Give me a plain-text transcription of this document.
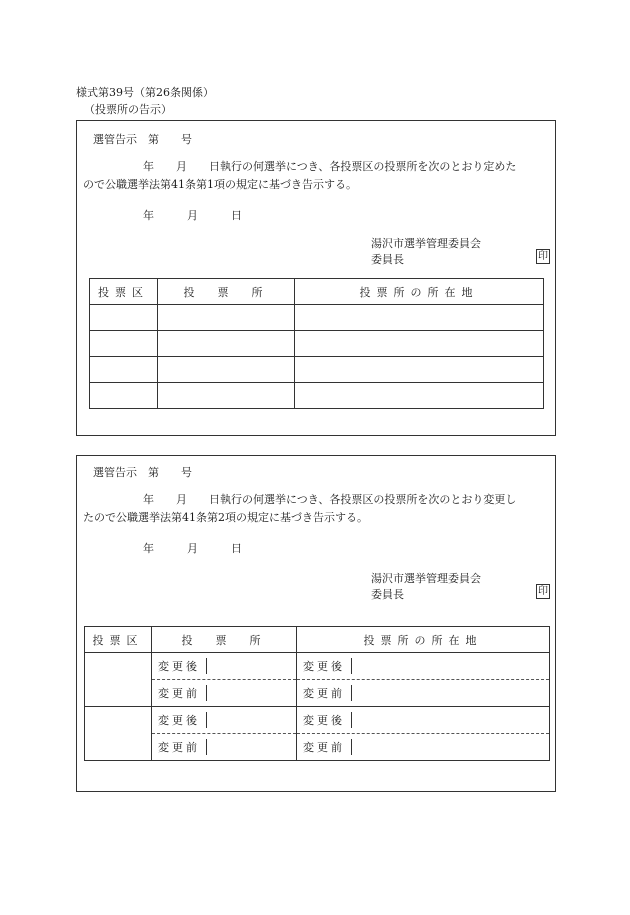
様式第39号（第26条関係）
（投票所の告示）
選管告示　第　　号
年　　月　　日執行の何選挙につき、各投票区の投票所を次のとおり定めた
ので公職選挙法第41条第1項の規定に基づき告示する。
年　　　月　　　日
湯沢市選挙管理委員会
委員長	印
投票区	投　票　所	投票所の所在地

選管告示　第　　号
年　　月　　日執行の何選挙につき、各投票区の投票所を次のとおり変更し
たので公職選挙法第41条第2項の規定に基づき告示する。
年　　　月　　　日
湯沢市選挙管理委員会
委員長	印
投票区	投　票　所	投票所の所在地

	変更後	変更後

	変更前	変更前

	変更後	変更後

	変更前	変更前
